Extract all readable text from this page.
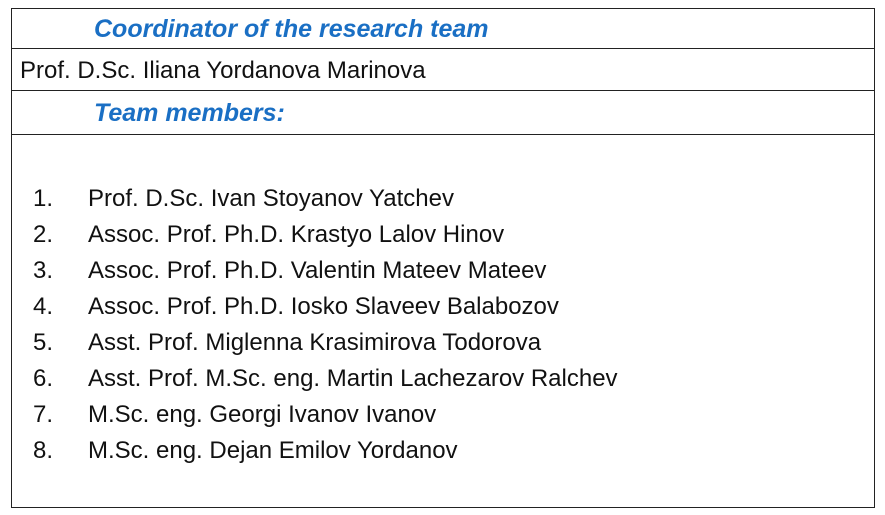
Coordinator of the research team
Prof. D.Sc. Iliana Yordanova Marinova
Team members:
1.	Prof. D.Sc. Ivan Stoyanov Yatchev
2.	Assoc. Prof. Ph.D. Krastyo Lalov Hinov
3.	Assoc. Prof. Ph.D. Valentin Mateev Mateev
4.	Assoc. Prof. Ph.D. Iosko Slaveev Balabozov
5.	Asst. Prof. Miglenna Krasimirova Todorova
6.	Asst. Prof. M.Sc. eng. Martin Lachezarov Ralchev
7.	M.Sc. eng. Georgi Ivanov Ivanov
8.	M.Sc. eng. Dejan Emilov Yordanov
